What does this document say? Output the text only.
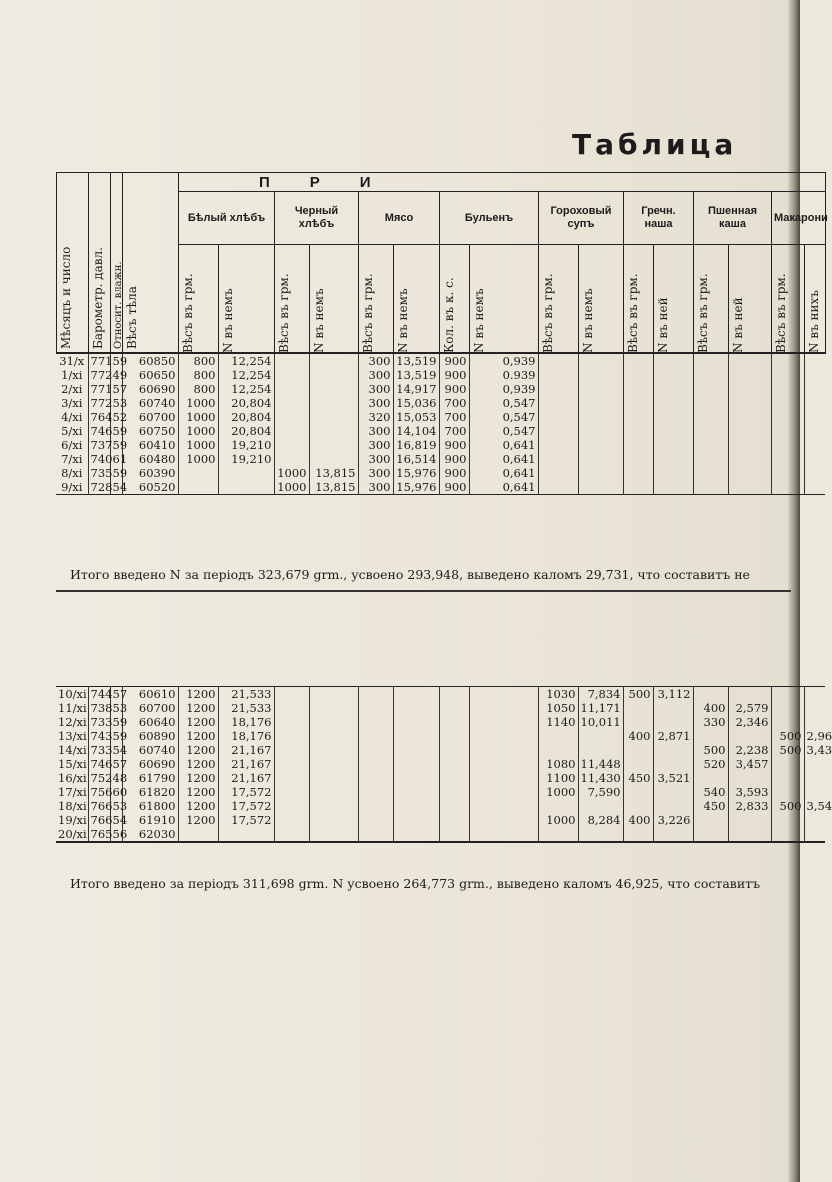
Таблица
Мѣсяцъ и число	Барометр. давл.	Относит. влажн.	Вѣсъ тѣла	ПРИ															
				Бѣлый хлѣбъ		Черный хлѣбъ		Мясо		Бульенъ		Гороховый супъ		Гречн. наша		Пшенная каша		Макарони	

				Вѣсъ въ грм.	N въ немъ	Вѣсъ въ грм.	N въ немъ	Вѣсъ въ грм.	N въ немъ	Кол. въ к. с.	N въ немъ	Вѣсъ въ грм.	N въ немъ	Вѣсъ въ грм.	N въ ней	Вѣсъ въ грм.	N въ ней	Вѣсъ въ грм.	N въ нихъ
31/x	771	59	60850	800	12,254			300	13,519	900	0,939								
1/xi	772	49	60650	800	12,254			300	13,519	900	0.939								
2/xi	771	57	60690	800	12,254			300	14,917	900	0,939								
3/xi	772	53	60740	1000	20,804			300	15,036	700	0,547								
4/xi	764	52	60700	1000	20,804			320	15,053	700	0,547								
5/xi	746	59	60750	1000	20,804			300	14,104	700	0,547								
6/xi	737	59	60410	1000	19,210			300	16,819	900	0,641								
7/xi	740	61	60480	1000	19,210			300	16,514	900	0,641								
8/xi	735	59	60390			1000	13,815	300	15,976	900	0,641								
9/xi	728	54	60520			1000	13,815	300	15,976	900	0,641								
Итого введено N за періодъ 323,679 grm., усвоено 293,948, выведено каломъ 29,731, что составитъ не
10/xi	744	57	60610	1200	21,533							1030	7,834	500	3,112				
11/xi	738	53	60700	1200	21,533							1050	11,171			400	2,579		
12/xi	733	59	60640	1200	18,176							1140	10,011			330	2,346		
13/xi	743	59	60890	1200	18,176									400	2,871			500	2,96
14/xi	733	54	60740	1200	21,167											500	2,238	500	3,43
15/xi	746	57	60690	1200	21,167							1080	11,448			520	3,457		
16/xi	752	48	61790	1200	21,167							1100	11,430	450	3,521				
17/xi	756	60	61820	1200	17,572							1000	7,590			540	3,593		
18/xi	766	53	61800	1200	17,572											450	2,833	500	3,54
19/xi	766	54	61910	1200	17,572							1000	8,284	400	3,226				
20/xi	765	56	62030																
Итого введено за періодъ 311,698 grm. N усвоено 264,773 grm., выведено каломъ 46,925, что составитъ
